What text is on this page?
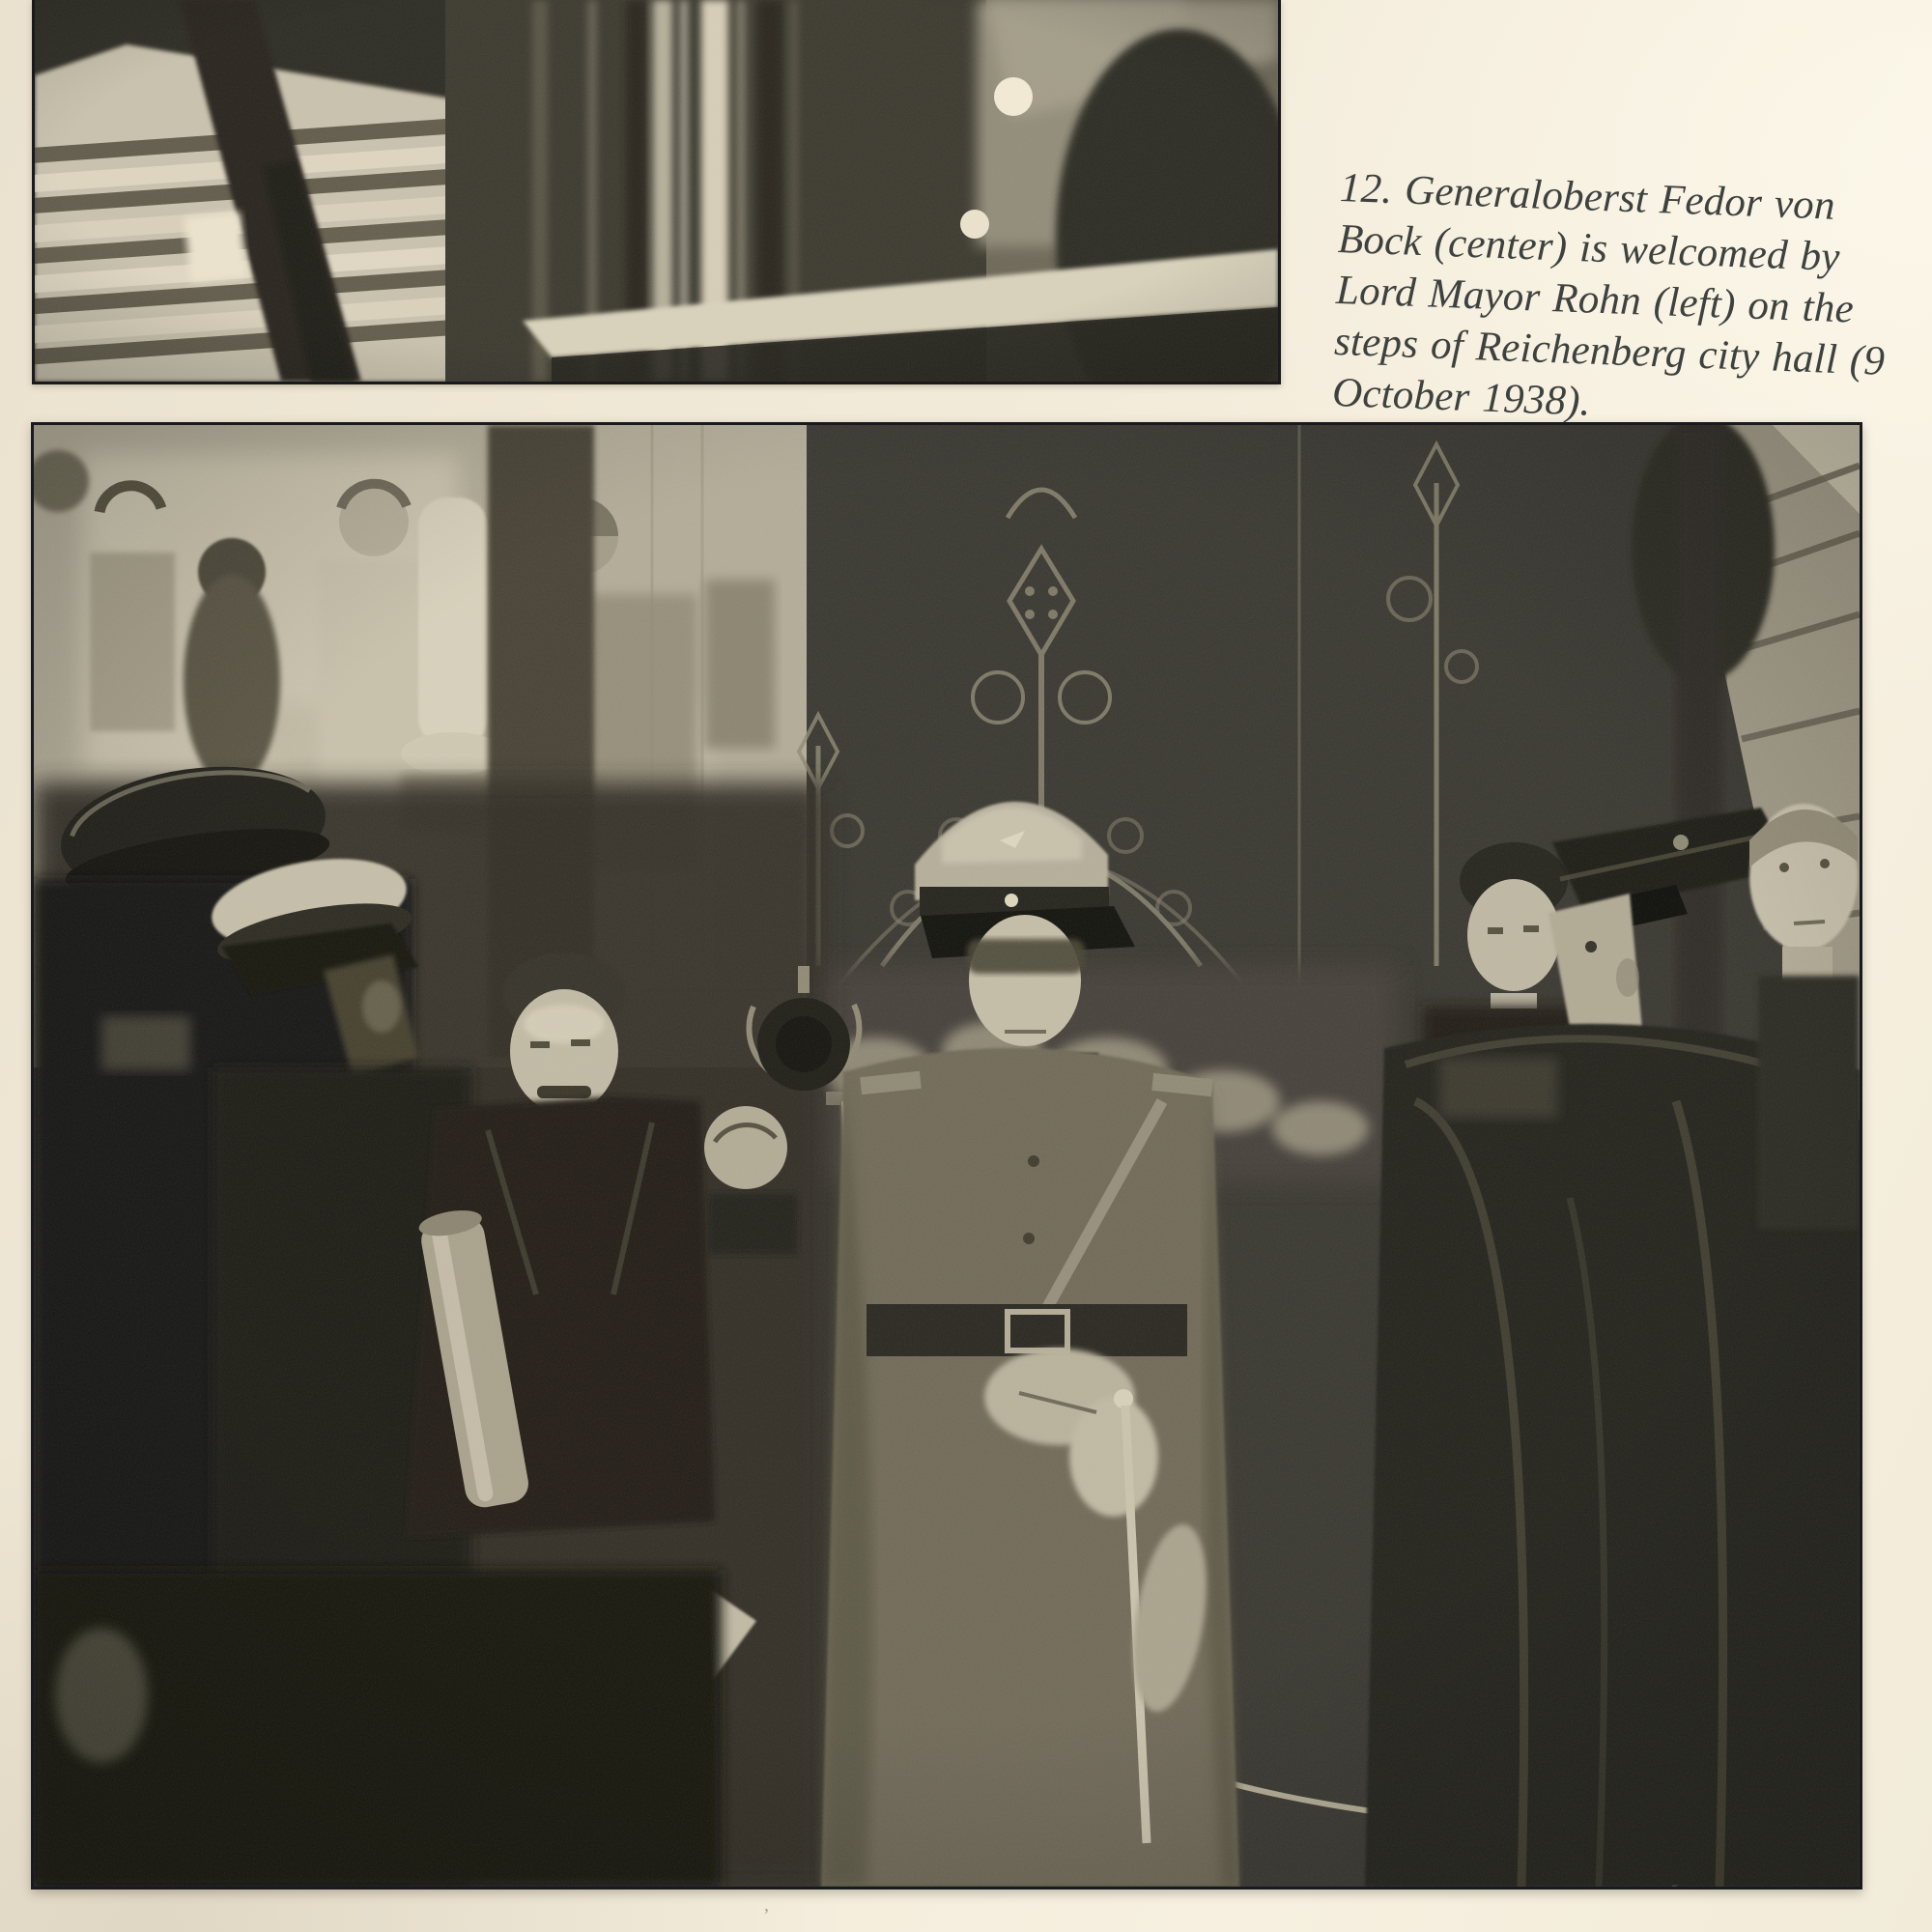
12. Generaloberst Fedor von

Bock (center) is welcomed by

Lord Mayor Rohn (left) on the

steps of Reichenberg city hall (9

October 1938).

’
